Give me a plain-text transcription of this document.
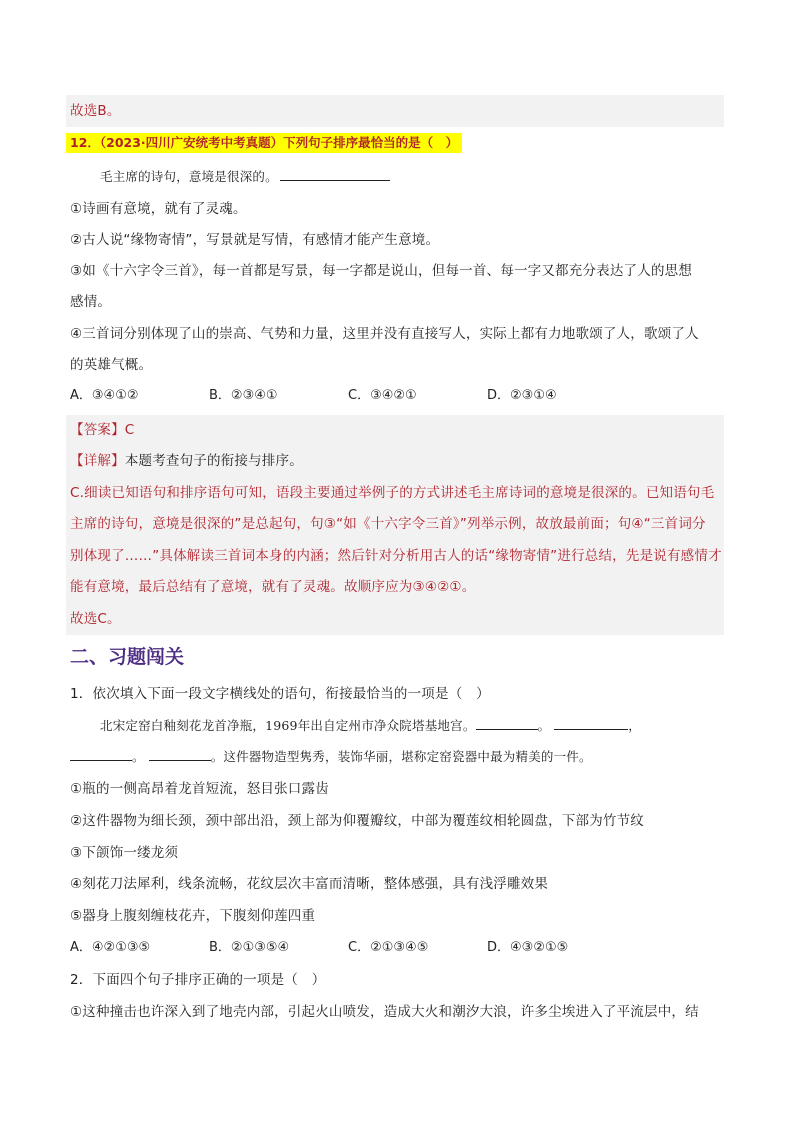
故选B。
12．（2023·四川广安统考中考真题）下列句子排序最恰当的是（　）
毛主席的诗句，意境是很深的。
①诗画有意境，就有了灵魂。
②古人说“缘物寄情”，写景就是写情，有感情才能产生意境。
③如《十六字令三首》，每一首都是写景，每一字都是说山，但每一首、每一字又都充分表达了人的思想
感情。
④三首词分别体现了山的崇高、气势和力量，这里并没有直接写人，实际上都有力地歌颂了人，歌颂了人
的英雄气概。
A．③④①②	B．②③④①	C．③④②①	D．②③①④
【答案】C
【详解】本题考查句子的衔接与排序。
C.细读已知语句和排序语句可知，语段主要通过举例子的方式讲述毛主席诗词的意境是很深的。已知语句毛
主席的诗句，意境是很深的”是总起句，句③“如《十六字令三首》”列举示例，故放最前面；句④“三首词分
别体现了……”具体解读三首词本身的内涵；然后针对分析用古人的话“缘物寄情”进行总结，先是说有感情才
能有意境，最后总结有了意境，就有了灵魂。故顺序应为③④②①。
故选C。
二、习题闯关
1．依次填入下面一段文字横线处的语句，衔接最恰当的一项是（　）
北宋定窑白釉刻花龙首净瓶，1969年出自定州市净众院塔基地宫。	。	，
。	。这件器物造型隽秀，装饰华丽，堪称定窑瓷器中最为精美的一件。
①瓶的一侧高昂着龙首短流，怒目张口露齿
②这件器物为细长颈，颈中部出沿，颈上部为仰覆瓣纹，中部为覆莲纹相轮圆盘，下部为竹节纹
③下颌饰一缕龙须
④刻花刀法犀利，线条流畅，花纹层次丰富而清晰，整体感强，具有浅浮雕效果
⑤器身上腹刻缠枝花卉，下腹刻仰莲四重
A．④②①③⑤	B．②①③⑤④	C．②①③④⑤	D．④③②①⑤
2．下面四个句子排序正确的一项是（　）
①这种撞击也许深入到了地壳内部，引起火山喷发，造成大火和潮汐大浪，许多尘埃进入了平流层中，结
